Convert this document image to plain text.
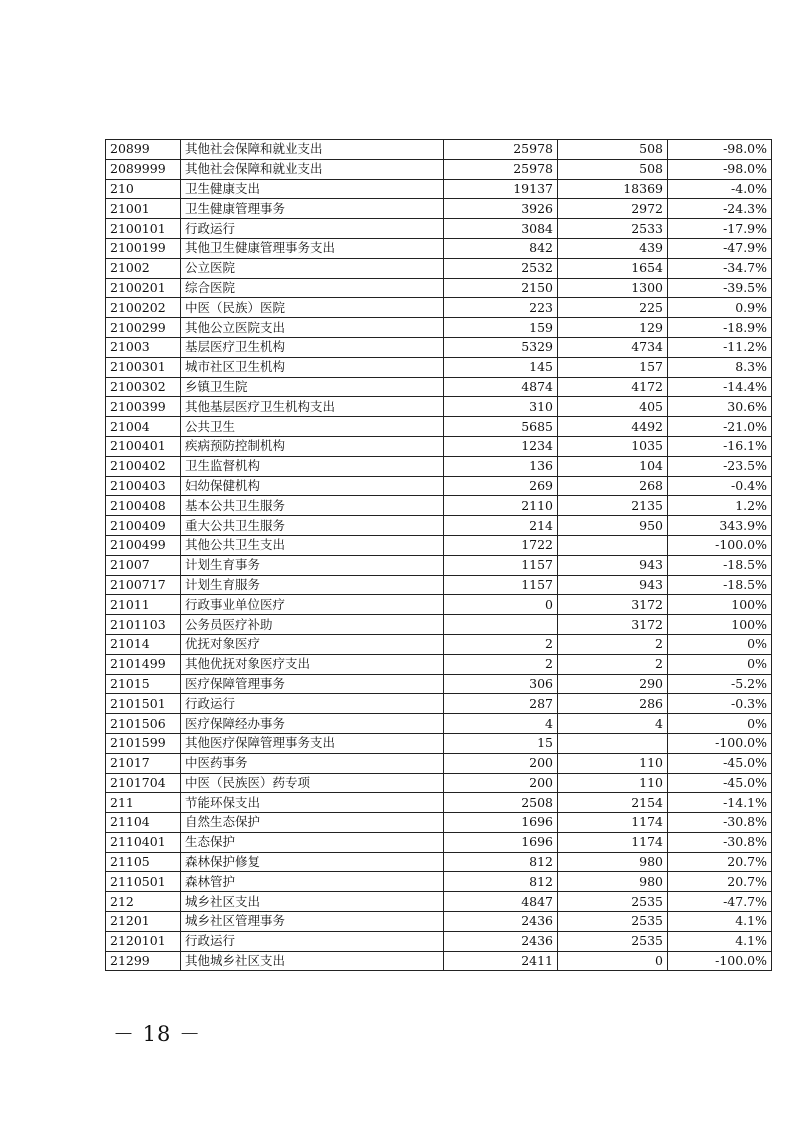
20899	其他社会保障和就业支出	25978	508	-98.0%
2089999	其他社会保障和就业支出	25978	508	-98.0%
210	卫生健康支出	19137	18369	-4.0%
21001	卫生健康管理事务	3926	2972	-24.3%
2100101	行政运行	3084	2533	-17.9%
2100199	其他卫生健康管理事务支出	842	439	-47.9%
21002	公立医院	2532	1654	-34.7%
2100201	综合医院	2150	1300	-39.5%
2100202	中医（民族）医院	223	225	0.9%
2100299	其他公立医院支出	159	129	-18.9%
21003	基层医疗卫生机构	5329	4734	-11.2%
2100301	城市社区卫生机构	145	157	8.3%
2100302	乡镇卫生院	4874	4172	-14.4%
2100399	其他基层医疗卫生机构支出	310	405	30.6%
21004	公共卫生	5685	4492	-21.0%
2100401	疾病预防控制机构	1234	1035	-16.1%
2100402	卫生监督机构	136	104	-23.5%
2100403	妇幼保健机构	269	268	-0.4%
2100408	基本公共卫生服务	2110	2135	1.2%
2100409	重大公共卫生服务	214	950	343.9%
2100499	其他公共卫生支出	1722		-100.0%
21007	计划生育事务	1157	943	-18.5%
2100717	计划生育服务	1157	943	-18.5%
21011	行政事业单位医疗	0	3172	100%
2101103	公务员医疗补助		3172	100%
21014	优抚对象医疗	2	2	0%
2101499	其他优抚对象医疗支出	2	2	0%
21015	医疗保障管理事务	306	290	-5.2%
2101501	行政运行	287	286	-0.3%
2101506	医疗保障经办事务	4	4	0%
2101599	其他医疗保障管理事务支出	15		-100.0%
21017	中医药事务	200	110	-45.0%
2101704	中医（民族医）药专项	200	110	-45.0%
211	节能环保支出	2508	2154	-14.1%
21104	自然生态保护	1696	1174	-30.8%
2110401	生态保护	1696	1174	-30.8%
21105	森林保护修复	812	980	20.7%
2110501	森林管护	812	980	20.7%
212	城乡社区支出	4847	2535	-47.7%
21201	城乡社区管理事务	2436	2535	4.1%
2120101	行政运行	2436	2535	4.1%
21299	其他城乡社区支出	2411	0	-100.0%
－ 18 －
